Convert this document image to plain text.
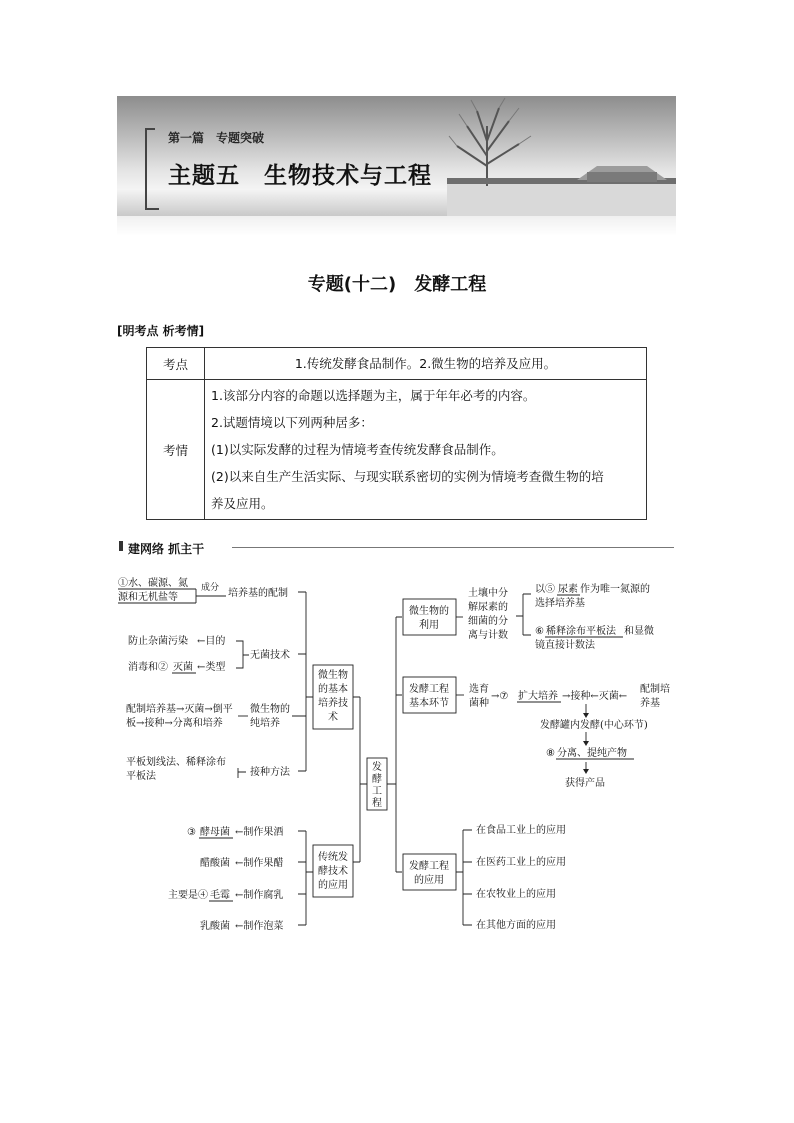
第一篇　专题突破
主题五　生物技术与工程
专题(十二)　发酵工程
[明考点 析考情]
考点	1.传统发酵食品制作。2.微生物的培养及应用。

考情	1.该部分内容的命题以选择题为主，属于年年必考的内容。
2.试题情境以下列两种居多：
(1)以实际发酵的过程为情境考查传统发酵食品制作。
(2)以来自生产生活实际、与现实联系密切的实例为情境考查微生物的培
养及应用。
建网络 抓主干
发
酵
工
程
微生物
的基本
培养技
术
传统发
酵技术
的应用
①水、碳源、氮
源和无机盐等
成分 培养基的配制
防止杂菌污染 ←目的
消毒和② 灭菌 ←类型
无菌技术
配制培养基→灭菌→倒平
板→接种→分离和培养
微生物的
纯培养
平板划线法、稀释涂布
平板法	接种方法
③ 酵母菌 ←制作果酒
醋酸菌 ←制作果醋
主要是④ 毛霉 ←制作腐乳
乳酸菌 ←制作泡菜
微生物的
利用
发酵工程
基本环节
发酵工程
的应用
土壤中分
解尿素的
细菌的分
离与计数
以⑤ 尿素 作为唯一氮源的
选择培养基
⑥ 稀释涂布平板法 和显微
镜直接计数法
选育
菌种
→⑦ 扩大培养 →接种←灭菌←
配制培
养基
发酵罐内发酵(中心环节)
⑧ 分离、提纯产物
获得产品
在食品工业上的应用
在医药工业上的应用
在农牧业上的应用
在其他方面的应用
